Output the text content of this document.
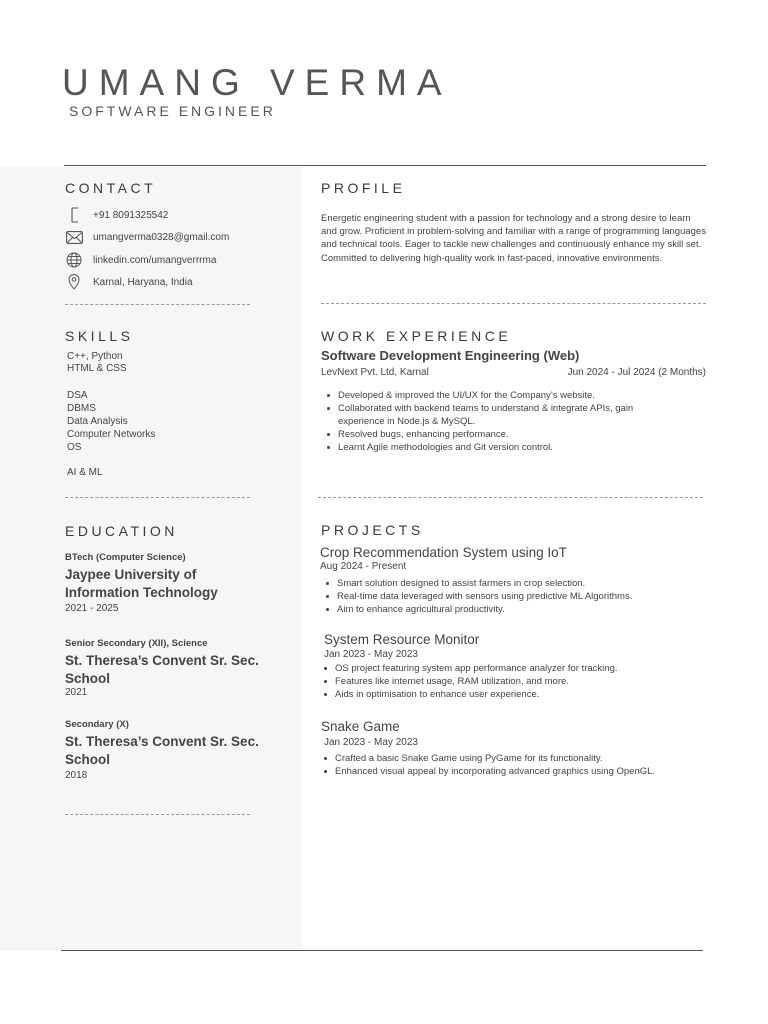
UMANG VERMA
SOFTWARE ENGINEER
CONTACT
+91 8091325542
umangverma0328@gmail.com
linkedin.com/umangverrrma
Karnal, Haryana, India
SKILLS
C++, Python
HTML & CSS
DSA
DBMS
Data Analysis
Computer Networks
OS
AI & ML
EDUCATION
BTech (Computer Science)
Jaypee University of Information Technology
2021 - 2025
Senior Secondary (XII), Science
St. Theresa’s Convent Sr. Sec. School
2021
Secondary (X)
St. Theresa’s Convent Sr. Sec. School
2018
PROFILE
Energetic engineering student with a passion for technology and a strong desire to learn and grow. Proficient in problem-solving and familiar with a range of programming languages and technical tools. Eager to tackle new challenges and continuously enhance my skill set. Committed to delivering high-quality work in fast-paced, innovative environments.
WORK EXPERIENCE
Software Development Engineering (Web)
LevNext Pvt. Ltd, Karnal	Jun 2024 - Jul 2024 (2 Months)
Developed & improved the UI/UX for the Company’s website.
Collaborated with backend teams to understand & integrate APIs, gain experience in Node.js & MySQL.
Resolved bugs, enhancing performance.
Learnt Agile methodologies and Git version control.
PROJECTS
Crop Recommendation System using IoT
Aug 2024 - Present
Smart solution designed to assist farmers in crop selection.
Real-time data leveraged with sensors using predictive ML Algorithms.
Aim to enhance agricultural productivity.
System Resource Monitor
Jan 2023 - May 2023
OS project featuring system app performance analyzer for tracking.
Features like internet usage, RAM utilization, and more.
Aids in optimisation to enhance user experience.
Snake Game
Jan 2023 - May 2023
Crafted a basic Snake Game using PyGame for its functionality.
Enhanced visual appeal by incorporating advanced graphics using OpenGL.
